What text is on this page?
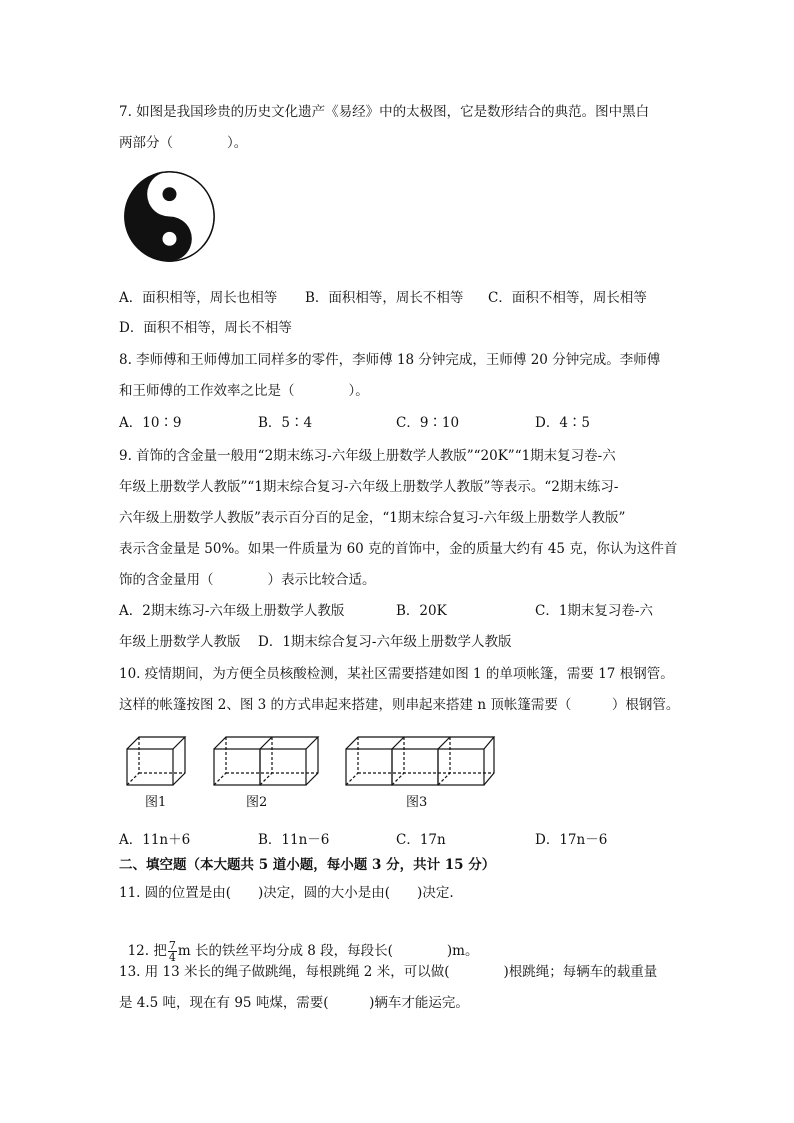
7. 如图是我国珍贵的历史文化遗产《易经》中的太极图，它是数形结合的典范。图中黑白
两部分（　　　　）。
A．面积相等，周长也相等 B．面积相等，周长不相等 C．面积不相等，周长相等
D．面积不相等，周长不相等
8. 李师傅和王师傅加工同样多的零件，李师傅 18 分钟完成，王师傅 20 分钟完成。李师傅
和王师傅的工作效率之比是（　　　　）。
A．10∶9	B．5∶4	C．9∶10	D．4∶5
9. 首饰的含金量一般用“2期末练习-六年级上册数学人教版”“20K”“1期末复习卷-六
年级上册数学人教版”“1期末综合复习-六年级上册数学人教版”等表示。“2期末练习-
六年级上册数学人教版”表示百分百的足金，“1期末综合复习-六年级上册数学人教版”
表示含金量是 50%。如果一件质量为 60 克的首饰中，金的质量大约有 45 克，你认为这件首
饰的含金量用（　　　　）表示比较合适。
A．2期末练习-六年级上册数学人教版	B．20K	C．1期末复习卷-六
年级上册数学人教版 D．1期末综合复习-六年级上册数学人教版
10. 疫情期间，为方便全员核酸检测，某社区需要搭建如图 1 的单项帐篷，需要 17 根钢管。
这样的帐篷按图 2、图 3 的方式串起来搭建，则串起来搭建 n 顶帐篷需要（　　　）根钢管。
图1	图2	图3
A．11n＋6	B．11n－6	C．17n	D．17n－6
二、填空题（本大题共 5 道小题，每小题 3 分，共计 15 分）
11. 圆的位置是由(　　)决定，圆的大小是由(　　)决定.

12. 把 $\frac{7}{4}$ m 长的铁丝平均分成 8 段，每段长(　　　　)m。

13. 用 13 米长的绳子做跳绳，每根跳绳 2 米，可以做(　　　　)根跳绳；每辆车的载重量
是 4.5 吨，现在有 95 吨煤，需要(　　　)辆车才能运完。
